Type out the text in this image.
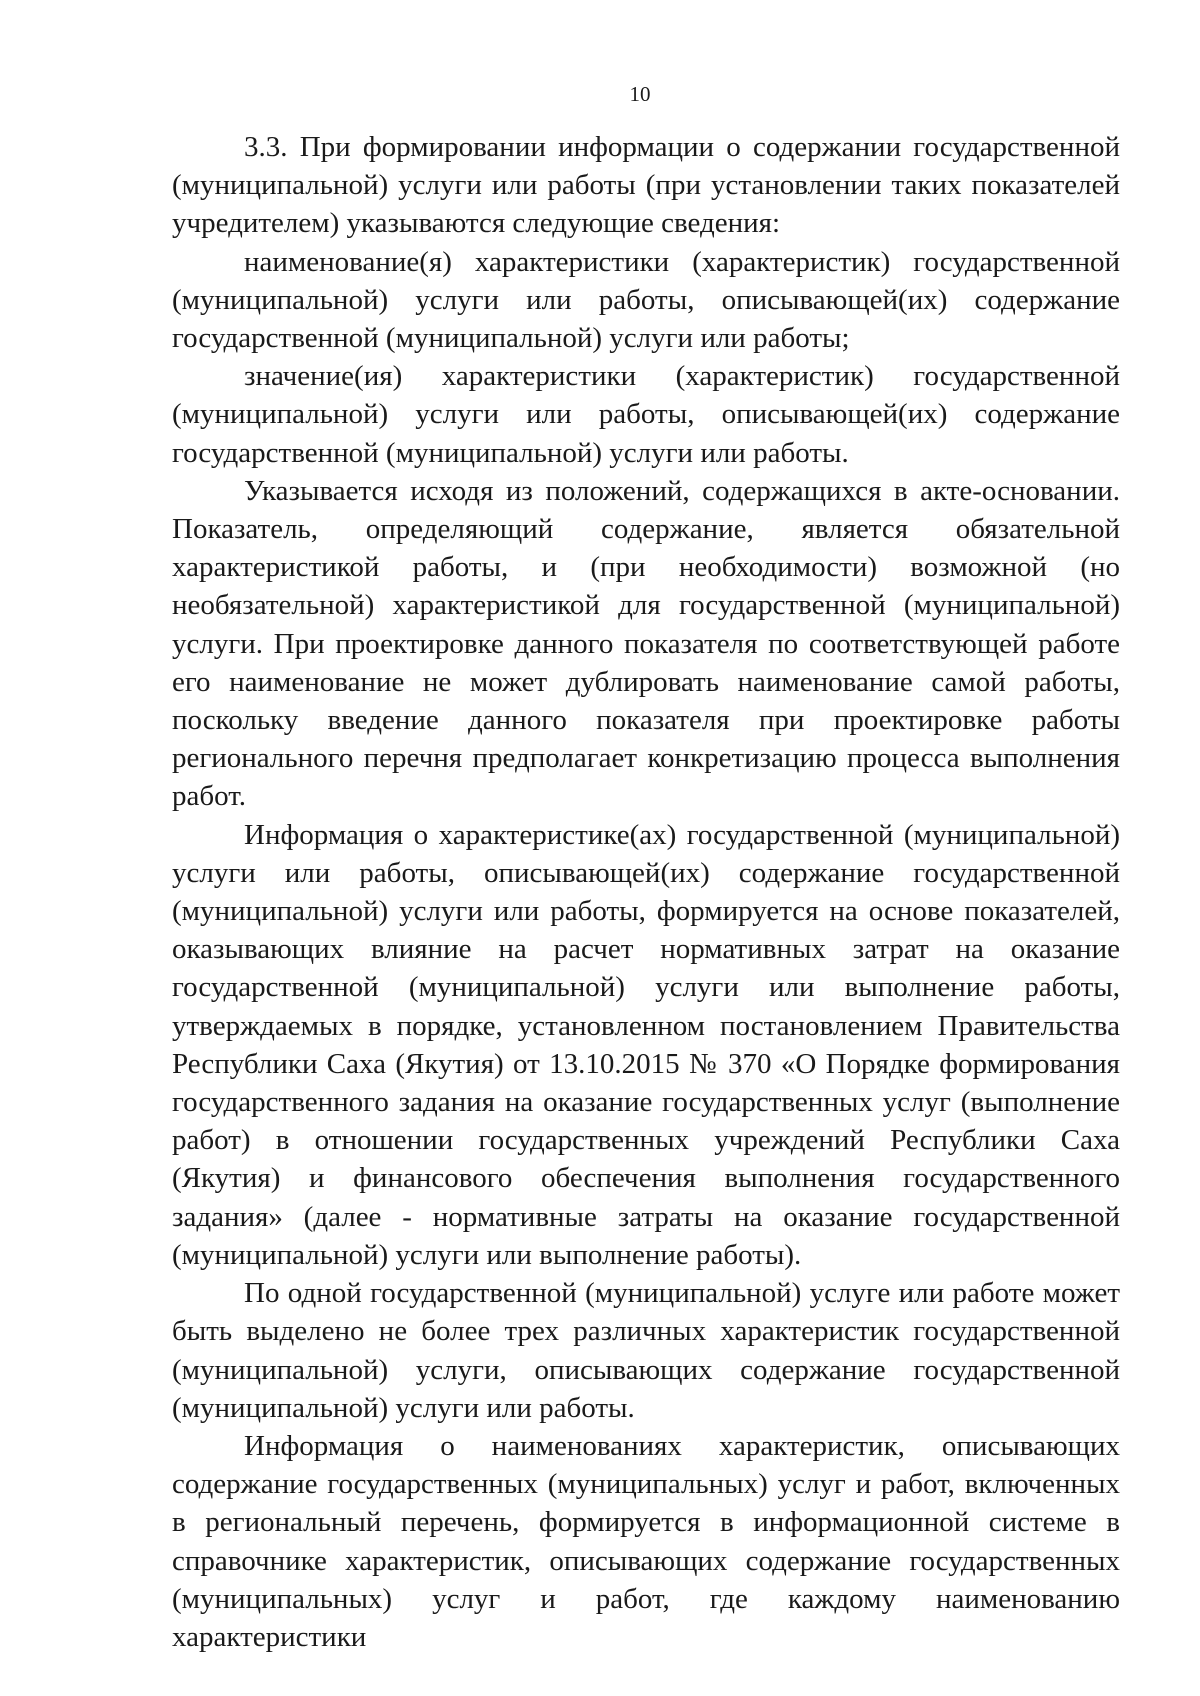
10

3.3. При формировании информации о содержании государственной (муниципальной) услуги или работы (при установлении таких показателей учредителем) указываются следующие сведения:

наименование(я) характеристики (характеристик) государственной (муниципальной) услуги или работы, описывающей(их) содержание государственной (муниципальной) услуги или работы;

значение(ия) характеристики (характеристик) государственной (муниципальной) услуги или работы, описывающей(их) содержание государственной (муниципальной) услуги или работы.

Указывается исходя из положений, содержащихся в акте-основании. Показатель, определяющий содержание, является обязательной характеристикой работы, и (при необходимости) возможной (но необязательной) характеристикой для государственной (муниципальной) услуги. При проектировке данного показателя по соответствующей работе его наименование не может дублировать наименование самой работы, поскольку введение данного показателя при проектировке работы регионального перечня предполагает конкретизацию процесса выполнения работ.

Информация о характеристике(ах) государственной (муниципальной) услуги или работы, описывающей(их) содержание государственной (муниципальной) услуги или работы, формируется на основе показателей, оказывающих влияние на расчет нормативных затрат на оказание государственной (муниципальной) услуги или выполнение работы, утверждаемых в порядке, установленном постановлением Правительства Республики Саха (Якутия) от 13.10.2015 № 370 «О Порядке формирования государственного задания на оказание государственных услуг (выполнение работ) в отношении государственных учреждений Республики Саха (Якутия) и финансового обеспечения выполнения государственного задания» (далее - нормативные затраты на оказание государственной (муниципальной) услуги или выполнение работы).

По одной государственной (муниципальной) услуге или работе может быть выделено не более трех различных характеристик государственной (муниципальной) услуги, описывающих содержание государственной (муниципальной) услуги или работы.

Информация о наименованиях характеристик, описывающих содержание государственных (муниципальных) услуг и работ, включенных в региональный перечень, формируется в информационной системе в справочнике характеристик, описывающих содержание государственных (муниципальных) услуг и работ, где каждому наименованию характеристики
